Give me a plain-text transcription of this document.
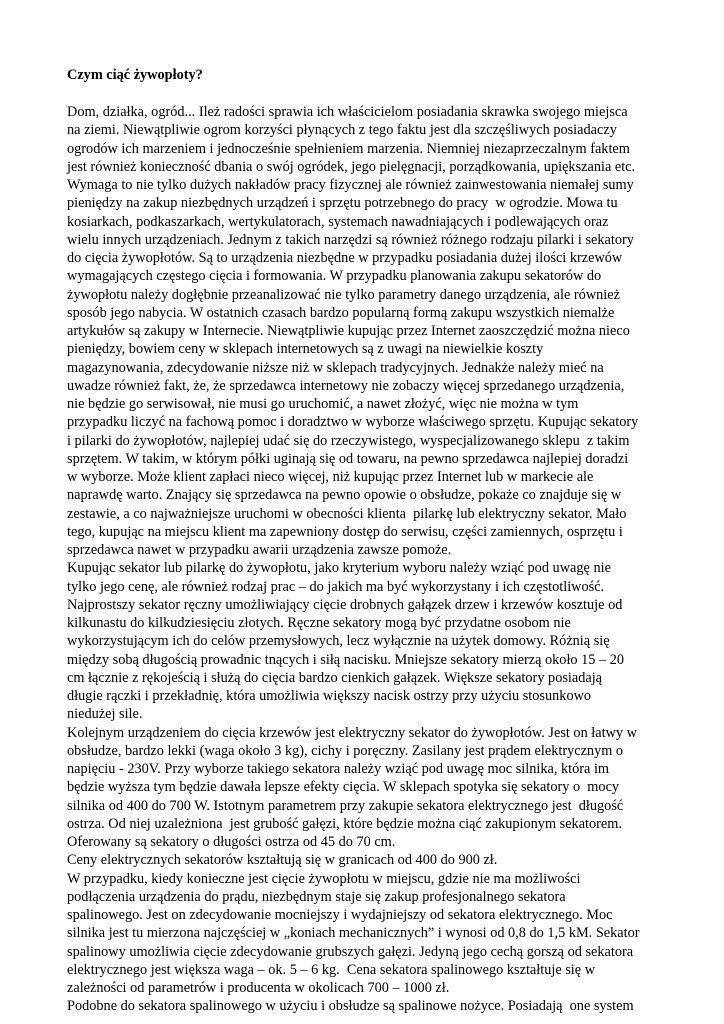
Czym ciąć żywopłoty?
Dom, działka, ogród... Ileż radości sprawia ich właścicielom posiadania skrawka swojego miejsca
na ziemi. Niewątpliwie ogrom korzyści płynących z tego faktu jest dla szczęśliwych posiadaczy
ogrodów ich marzeniem i jednocześnie spełnieniem marzenia. Niemniej niezaprzeczalnym faktem
jest również konieczność dbania o swój ogródek, jego pielęgnacji, porządkowania, upiększania etc.
Wymaga to nie tylko dużych nakładów pracy fizycznej ale również zainwestowania niemałej sumy
pieniędzy na zakup niezbędnych urządzeń i sprzętu potrzebnego do pracy  w ogrodzie. Mowa tu
kosiarkach, podkaszarkach, wertykulatorach, systemach nawadniających i podlewających oraz
wielu innych urządzeniach. Jednym z takich narzędzi są również różnego rodzaju pilarki i sekatory
do cięcia żywopłotów. Są to urządzenia niezbędne w przypadku posiadania dużej ilości krzewów
wymagających częstego cięcia i formowania. W przypadku planowania zakupu sekatorów do
żywopłotu należy dogłębnie przeanalizować nie tylko parametry danego urządzenia, ale również
sposób jego nabycia. W ostatnich czasach bardzo popularną formą zakupu wszystkich niemalże
artykułów są zakupy w Internecie. Niewątpliwie kupując przez Internet zaoszczędzić można nieco
pieniędzy, bowiem ceny w sklepach internetowych są z uwagi na niewielkie koszty
magazynowania, zdecydowanie niższe niż w sklepach tradycyjnych. Jednakże należy mieć na
uwadze również fakt, że, że sprzedawca internetowy nie zobaczy więcej sprzedanego urządzenia,
nie będzie go serwisował, nie musi go uruchomić, a nawet złożyć, więc nie można w tym
przypadku liczyć na fachową pomoc i doradztwo w wyborze właściwego sprzętu. Kupując sekatory
i pilarki do żywopłotów, najlepiej udać się do rzeczywistego, wyspecjalizowanego sklepu  z takim
sprzętem. W takim, w którym półki uginają się od towaru, na pewno sprzedawca najlepiej doradzi
w wyborze. Może klient zapłaci nieco więcej, niż kupując przez Internet lub w markecie ale
naprawdę warto. Znający się sprzedawca na pewno opowie o obsłudze, pokaże co znajduje się w
zestawie, a co najważniejsze uruchomi w obecności klienta  pilarkę lub elektryczny sekator. Mało
tego, kupując na miejscu klient ma zapewniony dostęp do serwisu, części zamiennych, osprzętu i
sprzedawca nawet w przypadku awarii urządzenia zawsze pomoże.
Kupując sekator lub pilarkę do żywopłotu, jako kryterium wyboru należy wziąć pod uwagę nie
tylko jego cenę, ale również rodzaj prac – do jakich ma być wykorzystany i ich częstotliwość.
Najprostszy sekator ręczny umożliwiający cięcie drobnych gałązek drzew i krzewów kosztuje od
kilkunastu do kilkudziesięciu złotych. Ręczne sekatory mogą być przydatne osobom nie
wykorzystującym ich do celów przemysłowych, lecz wyłącznie na użytek domowy. Różnią się
między sobą długością prowadnic tnących i siłą nacisku. Mniejsze sekatory mierzą około 15 – 20
cm łącznie z rękojeścią i służą do cięcia bardzo cienkich gałązek. Większe sekatory posiadają
długie rączki i przekładnię, która umożliwia większy nacisk ostrzy przy użyciu stosunkowo
niedużej sile.
Kolejnym urządzeniem do cięcia krzewów jest elektryczny sekator do żywopłotów. Jest on łatwy w
obsłudze, bardzo lekki (waga około 3 kg), cichy i poręczny. Zasilany jest prądem elektrycznym o
napięciu - 230V. Przy wyborze takiego sekatora należy wziąć pod uwagę moc silnika, która im
będzie wyższa tym będzie dawała lepsze efekty cięcia. W sklepach spotyka się sekatory o  mocy
silnika od 400 do 700 W. Istotnym parametrem przy zakupie sekatora elektrycznego jest  długość
ostrza. Od niej uzależniona  jest grubość gałęzi, które będzie można ciąć zakupionym sekatorem.
Oferowany są sekatory o długości ostrza od 45 do 70 cm.
Ceny elektrycznych sekatorów kształtują się w granicach od 400 do 900 zł.
W przypadku, kiedy konieczne jest cięcie żywopłotu w miejscu, gdzie nie ma możliwości
podłączenia urządzenia do prądu, niezbędnym staje się zakup profesjonalnego sekatora
spalinowego. Jest on zdecydowanie mocniejszy i wydajniejszy od sekatora elektrycznego. Moc
silnika jest tu mierzona najczęściej w „koniach mechanicznych” i wynosi od 0,8 do 1,5 kM. Sekator
spalinowy umożliwia cięcie zdecydowanie grubszych gałęzi. Jedyną jego cechą gorszą od sekatora
elektrycznego jest większa waga – ok. 5 – 6 kg.  Cena sekatora spalinowego kształtuje się w
zależności od parametrów i producenta w okolicach 700 – 1000 zł.
Podobne do sekatora spalinowego w użyciu i obsłudze są spalinowe nożyce. Posiadają  one system
